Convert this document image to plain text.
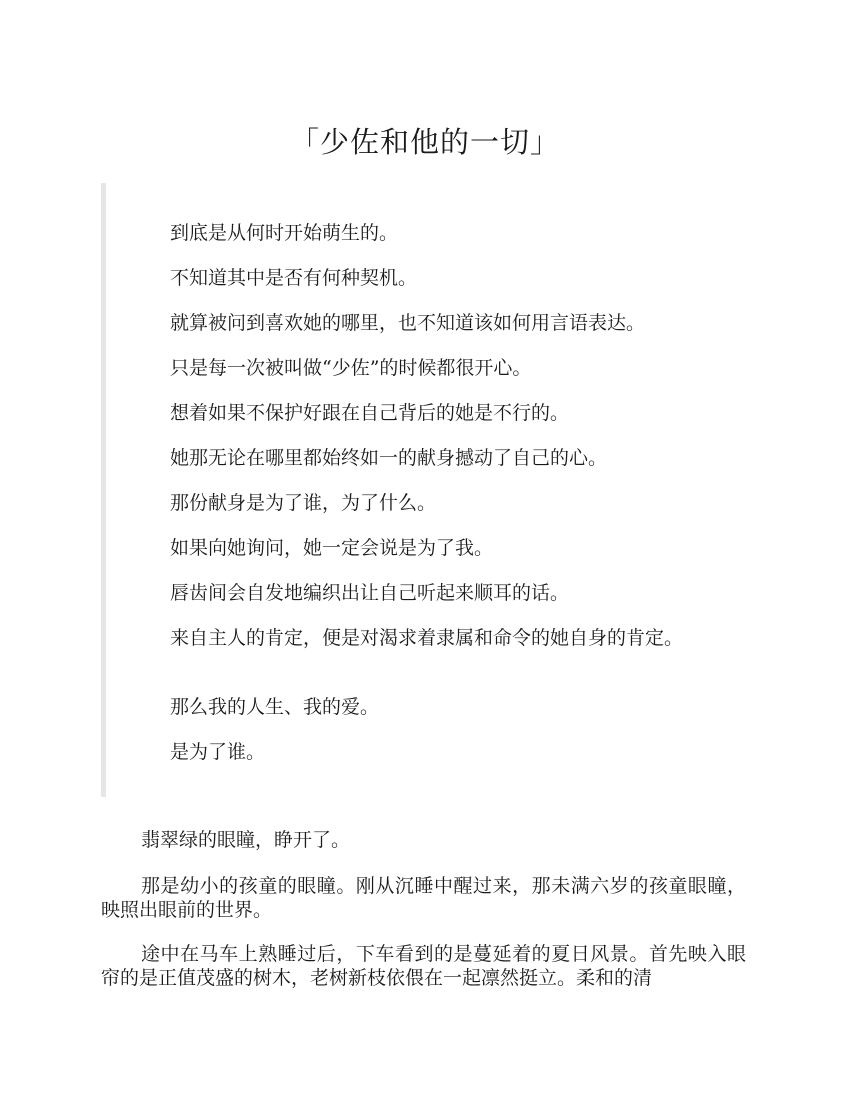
「少佐和他的一切」

到底是从何时开始萌生的。

不知道其中是否有何种契机。

就算被问到喜欢她的哪里，也不知道该如何用言语表达。

只是每一次被叫做“少佐”的时候都很开心。

想着如果不保护好跟在自己背后的她是不行的。

她那无论在哪里都始终如一的献身撼动了自己的心。

那份献身是为了谁，为了什么。

如果向她询问，她一定会说是为了我。

唇齿间会自发地编织出让自己听起来顺耳的话。

来自主人的肯定，便是对渴求着隶属和命令的她自身的肯定。

那么我的人生、我的爱。

是为了谁。

翡翠绿的眼瞳，睁开了。

那是幼小的孩童的眼瞳。刚从沉睡中醒过来，那未满六岁的孩童眼瞳，映照出眼前的世界。

途中在马车上熟睡过后，下车看到的是蔓延着的夏日风景。首先映入眼帘的是正值茂盛的树木，老树新枝依偎在一起凛然挺立。柔和的清
